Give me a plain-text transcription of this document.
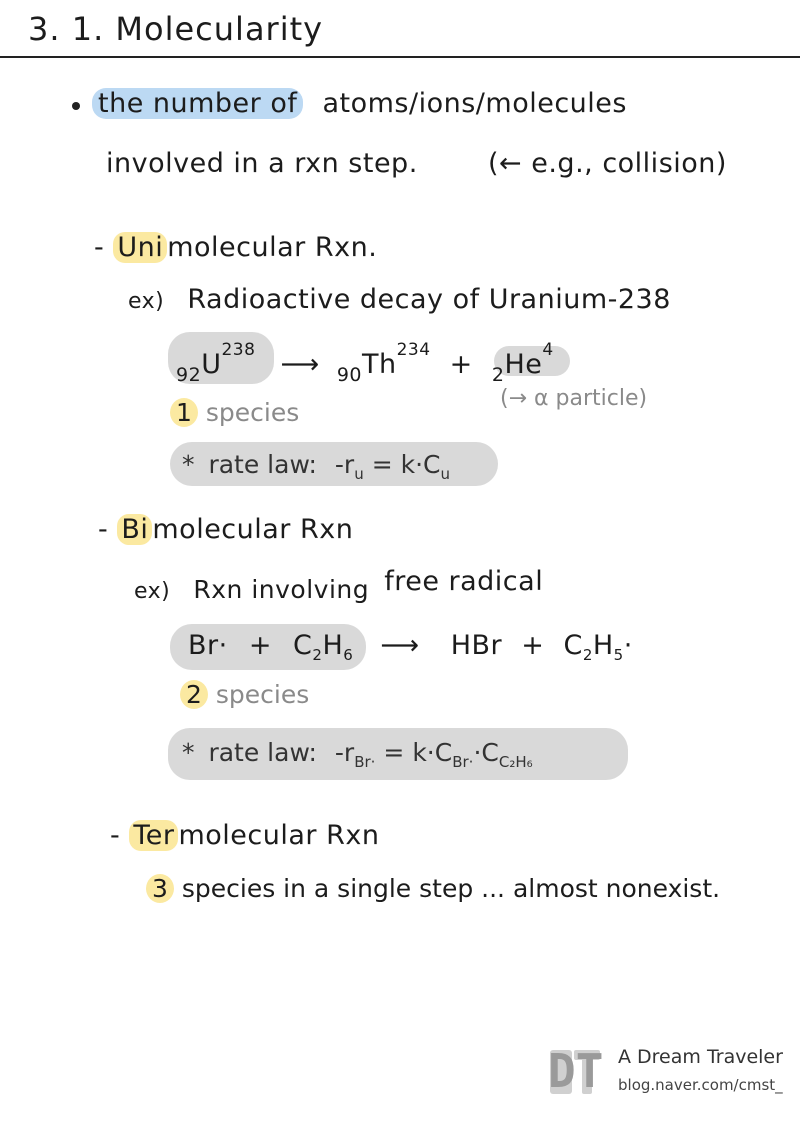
3. 1. Molecularity
the number of atoms/ions/molecules
involved in a rxn step.	(← e.g., collision)
- Uni molecular Rxn.
ex) Radioactive decay of Uranium-238
$_{92}U^{238}$ ⟶ $_{90}Th^{234} + _2He^4$
(→ α particle)
1 species
* rate law: $-r_u = k\cdot C_u$
- Bi molecular Rxn
ex) Rxn involving free radical
$Br\cdot + C_2H_6$ ⟶ HBr + $C_2H_5\cdot$
2 species
* rate law: $-r_{Br\cdot} = k\cdot C_{Br\cdot}\cdot C_{C_2H_6}$
- Ter molecular Rxn
3 species in a single step ... almost nonexist.
DT A Dream Traveler
blog.naver.com/cmst_
